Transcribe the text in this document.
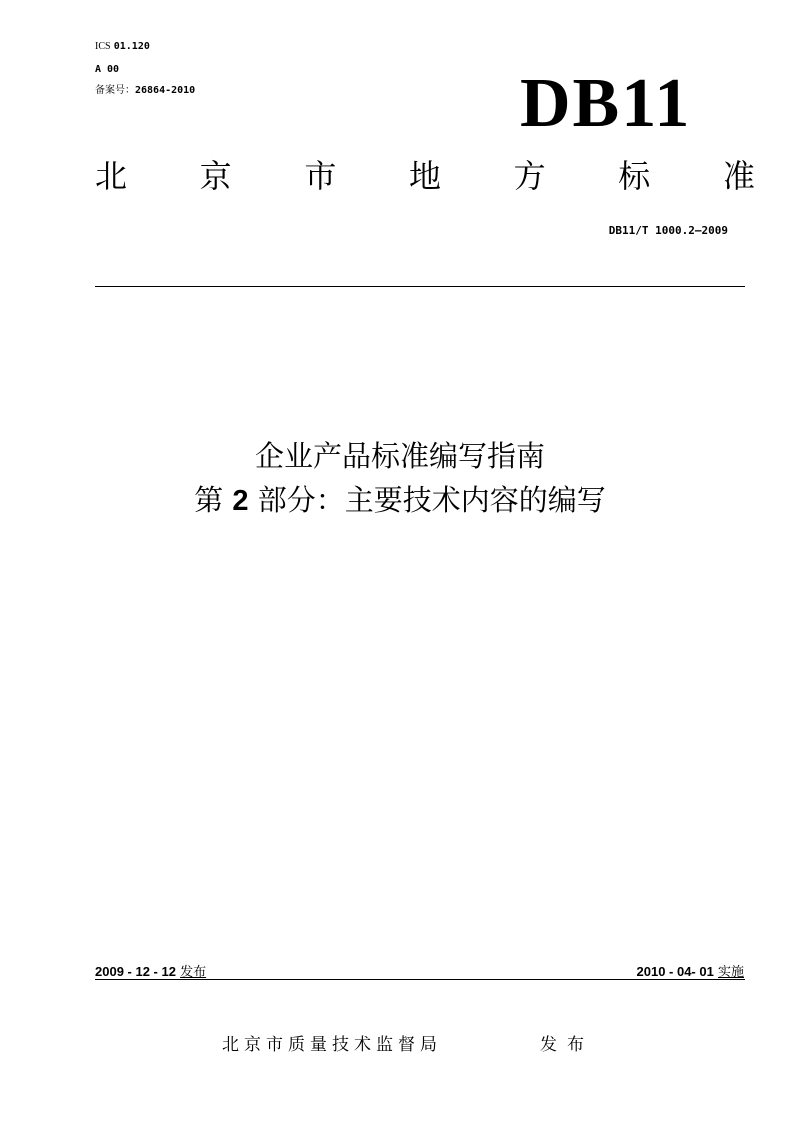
ICS 01.120
A 00
备案号：26864-2010	DB11
北 京 市 地 方 标 准
DB11/T 1000.2—2009
企业产品标准编写指南
第 2 部分：主要技术内容的编写
2009 - 12 - 12 发布	2010 - 04- 01 实施
北京市质量技术监督局	发布
